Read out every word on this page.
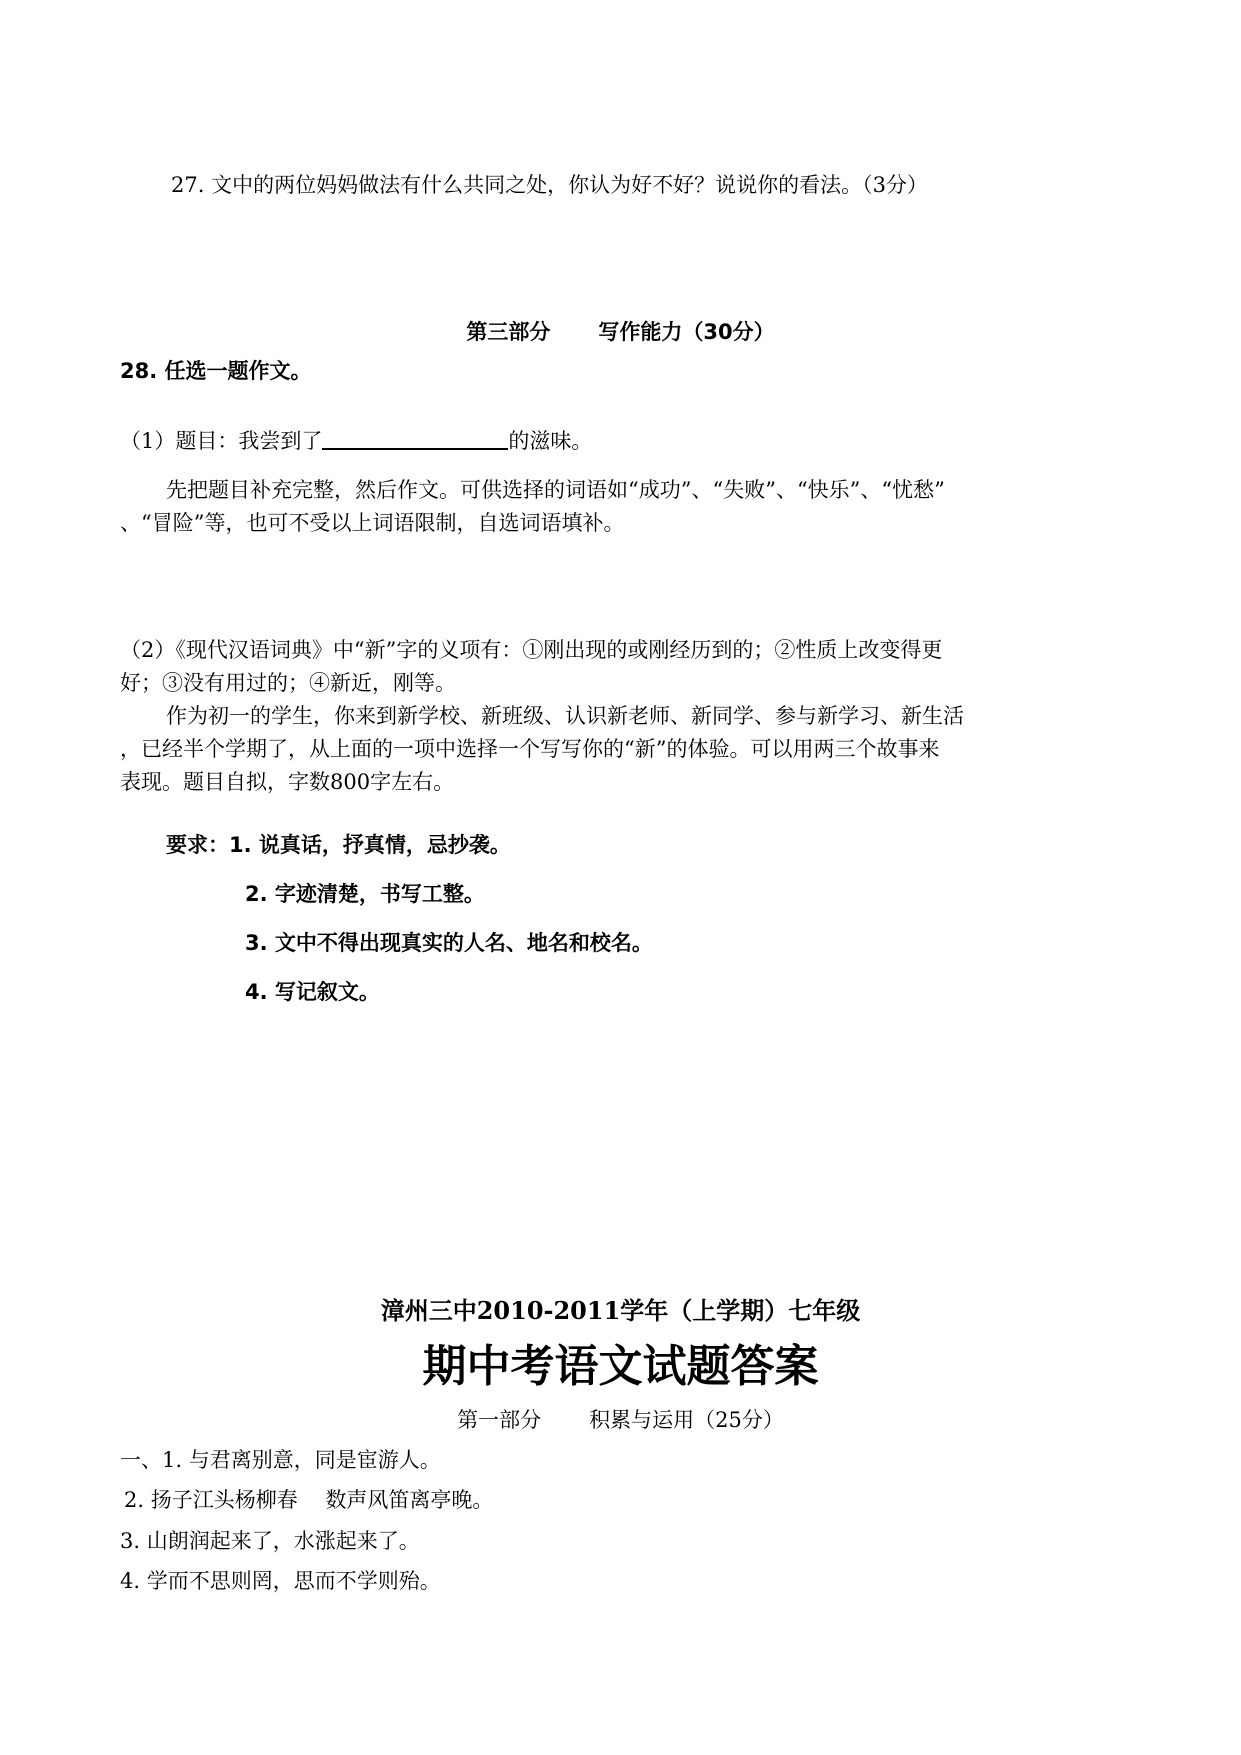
27. 文中的两位妈妈做法有什么共同之处，你认为好不好？说说你的看法。（3分）
第三部分 写作能力（30分）
28. 任选一题作文。
（1）题目：我尝到了	的滋味。
先把题目补充完整，然后作文。可供选择的词语如“成功”、“失败”、“快乐”、“忧愁”
、“冒险”等，也可不受以上词语限制，自选词语填补。
（2）《现代汉语词典》中“新”字的义项有：①刚出现的或刚经历到的；②性质上改变得更
好；③没有用过的；④新近，刚等。
作为初一的学生，你来到新学校、新班级、认识新老师、新同学、参与新学习、新生活
，已经半个学期了，从上面的一项中选择一个写写你的“新”的体验。可以用两三个故事来
表现。题目自拟，字数800字左右。
要求：1. 说真话，抒真情，忌抄袭。
2. 字迹清楚，书写工整。
3. 文中不得出现真实的人名、地名和校名。
4. 写记叙文。
漳州三中2010-2011学年（上学期）七年级
期中考语文试题答案
第一部分 积累与运用（25分）
一、1. 与君离别意，同是宦游人。
2. 扬子江头杨柳春　 数声风笛离亭晚。
3. 山朗润起来了，水涨起来了。
4. 学而不思则罔，思而不学则殆。
